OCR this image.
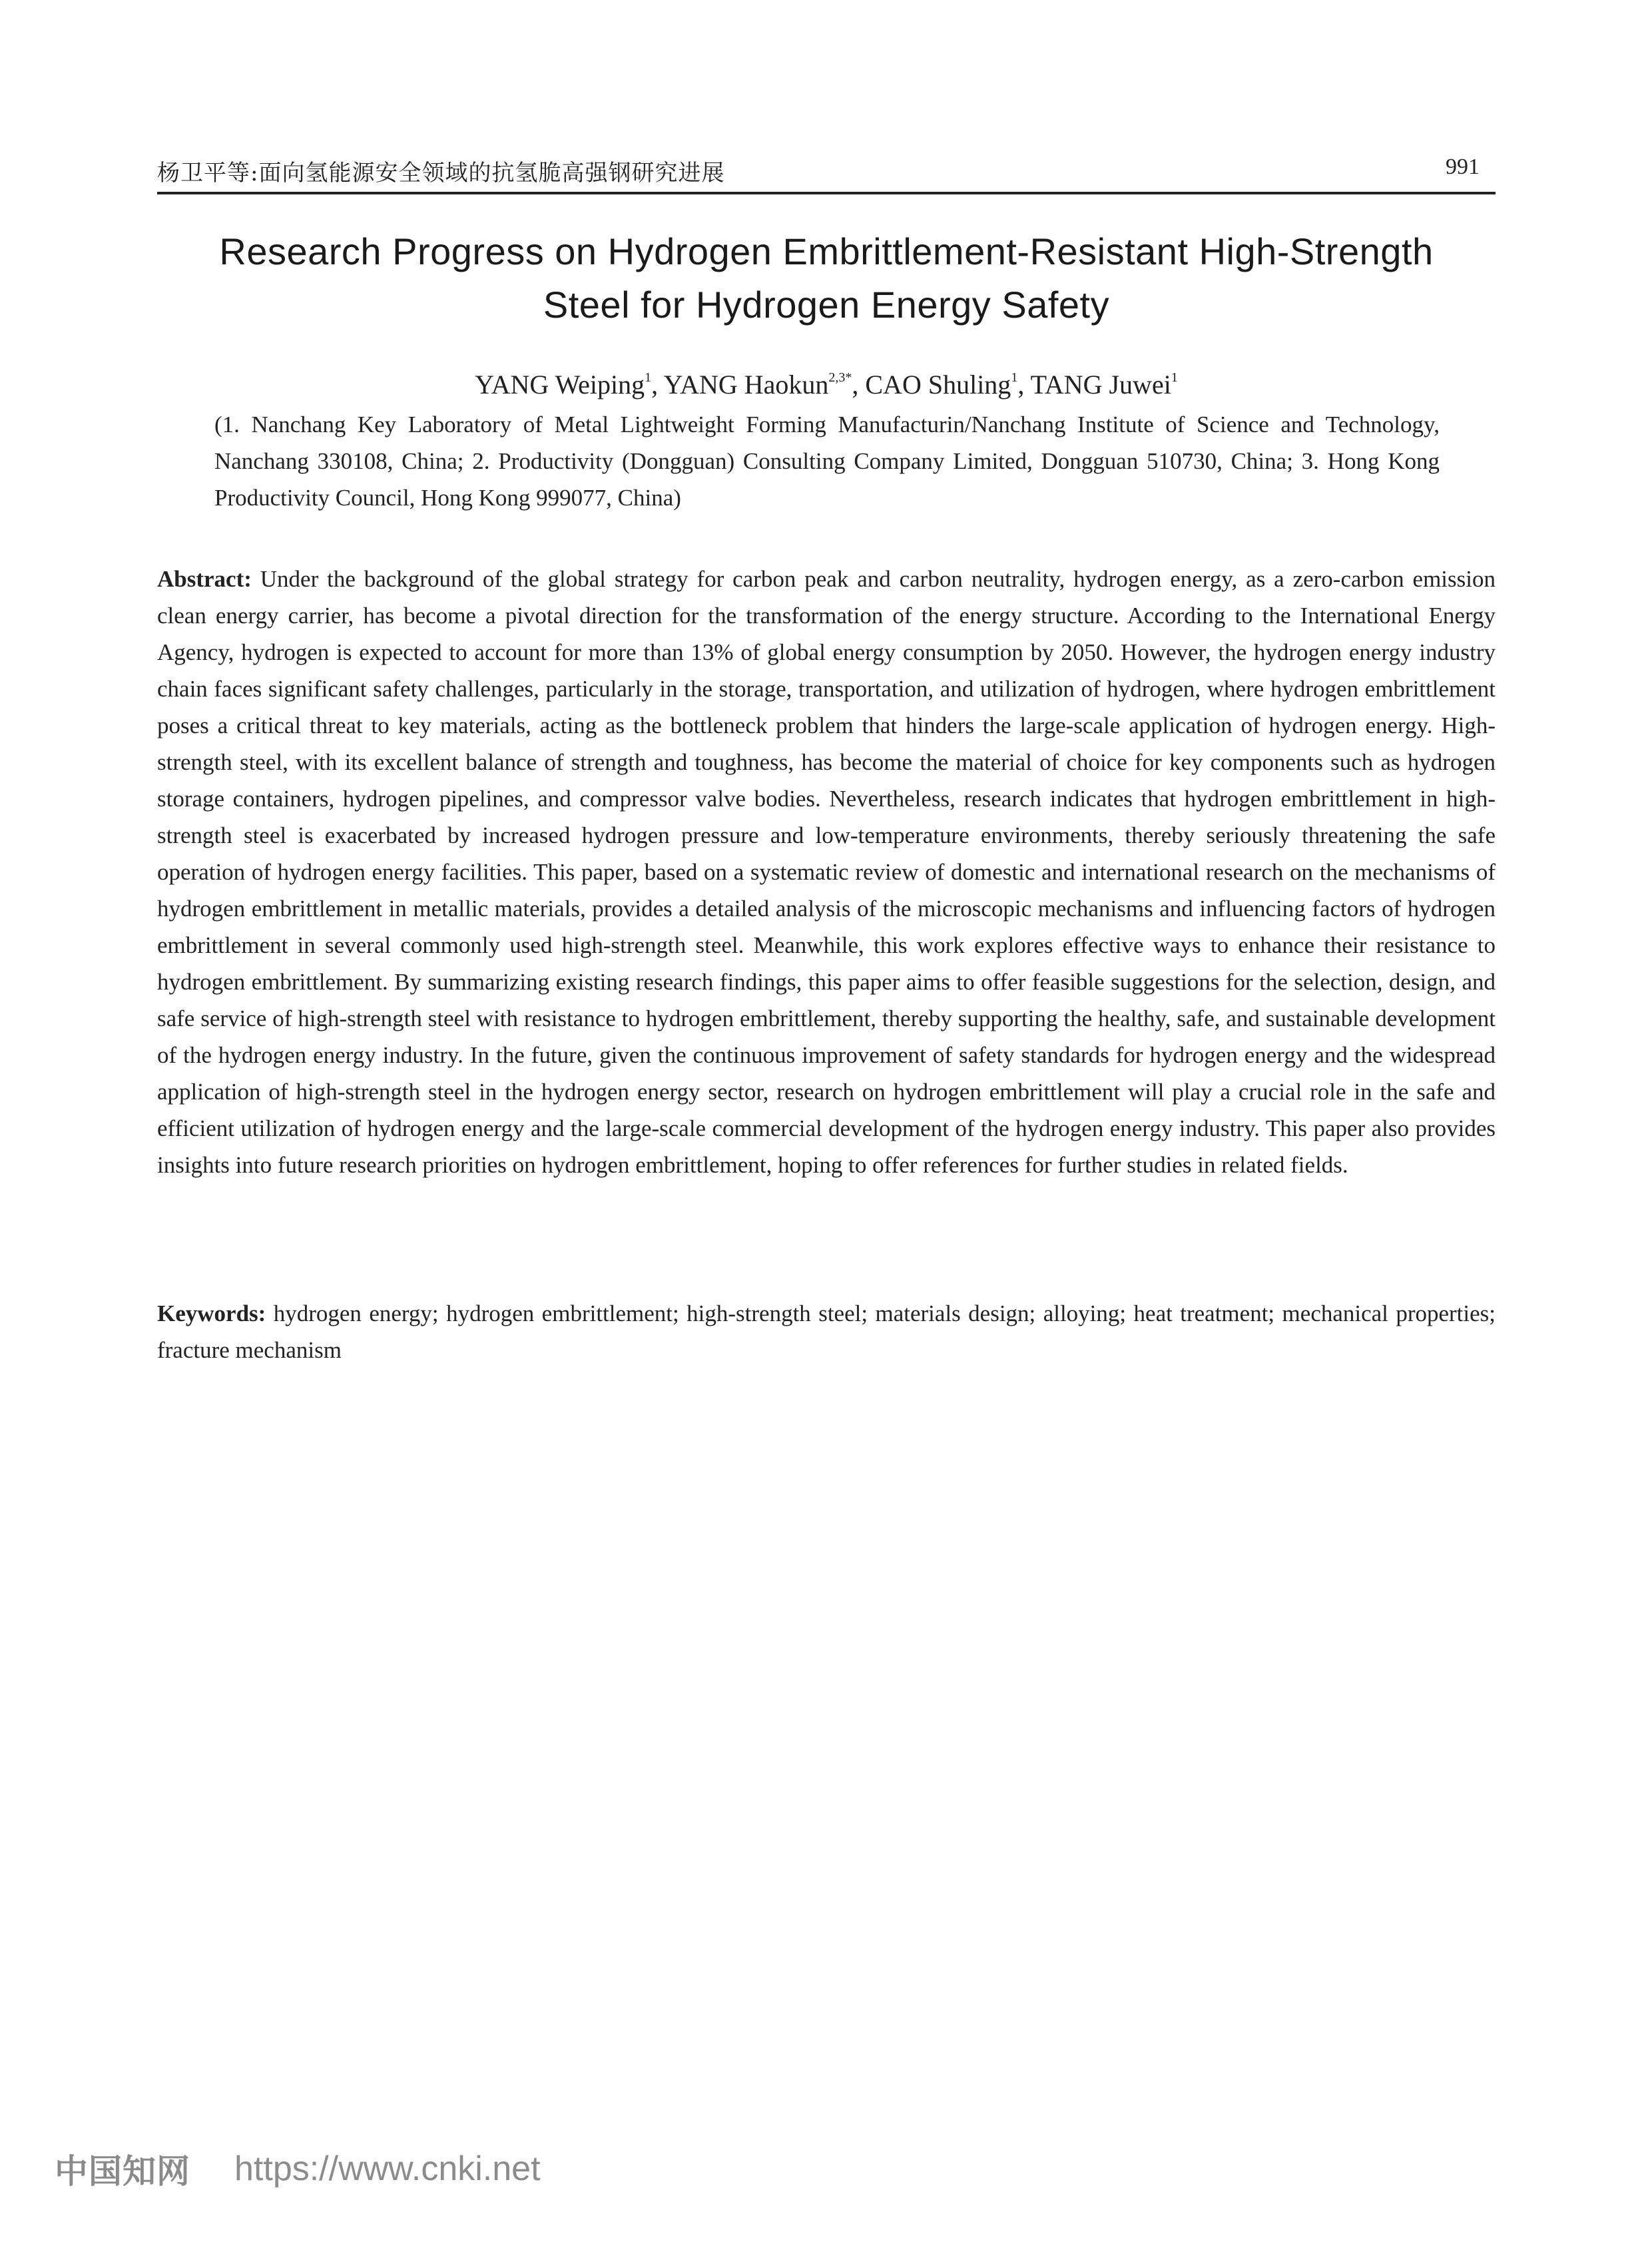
杨卫平等:面向氢能源安全领域的抗氢脆高强钢研究进展	991
Research Progress on Hydrogen Embrittlement-Resistant High-Strength
Steel for Hydrogen Energy Safety
YANG Weiping$^1$, YANG Haokun$^{2,3*}$, CAO Shuling$^1$, TANG Juwei$^1$
(1. Nanchang Key Laboratory of Metal Lightweight Forming Manufacturin/Nanchang Institute of Science and Technology, Nanchang 330108, China; 2. Productivity (Dongguan) Consulting Company Limited, Dongguan 510730, China; 3. Hong Kong Productivity Council, Hong Kong 999077, China)
Abstract: Under the background of the global strategy for carbon peak and carbon neutrality, hydrogen energy, as a zero-carbon emission clean energy carrier, has become a pivotal direction for the transformation of the energy structure. According to the International Energy Agency, hydrogen is expected to account for more than 13% of global energy consumption by 2050. However, the hydrogen energy industry chain faces significant safety challenges, particularly in the storage, transportation, and utilization of hydrogen, where hydrogen embrittlement poses a critical threat to key materials, acting as the bottleneck problem that hinders the large-scale application of hydrogen energy. High-strength steel, with its excellent balance of strength and toughness, has become the material of choice for key components such as hydrogen storage containers, hydrogen pipelines, and compressor valve bodies. Nevertheless, research indicates that hydrogen embrittlement in high-strength steel is exacerbated by increased hydrogen pressure and low-temperature environments, thereby seriously threatening the safe operation of hydrogen energy facilities. This paper, based on a systematic review of domestic and international research on the mechanisms of hydrogen embrittlement in metallic materials, provides a detailed analysis of the microscopic mechanisms and influencing factors of hydrogen embrittlement in several commonly used high-strength steel. Meanwhile, this work explores effective ways to enhance their resistance to hydrogen embrittlement. By summarizing existing research findings, this paper aims to offer feasible suggestions for the selection, design, and safe service of high-strength steel with resistance to hydrogen embrittlement, thereby supporting the healthy, safe, and sustainable development of the hydrogen energy industry. In the future, given the continuous improvement of safety standards for hydrogen energy and the widespread application of high-strength steel in the hydrogen energy sector, research on hydrogen embrittlement will play a crucial role in the safe and efficient utilization of hydrogen energy and the large-scale commercial development of the hydrogen energy industry. This paper also provides insights into future research priorities on hydrogen embrittlement, hoping to offer references for further studies in related fields.
Keywords: hydrogen energy; hydrogen embrittlement; high-strength steel; materials design; alloying; heat treatment; mechanical properties; fracture mechanism
中国知网 https://www.cnki.net
